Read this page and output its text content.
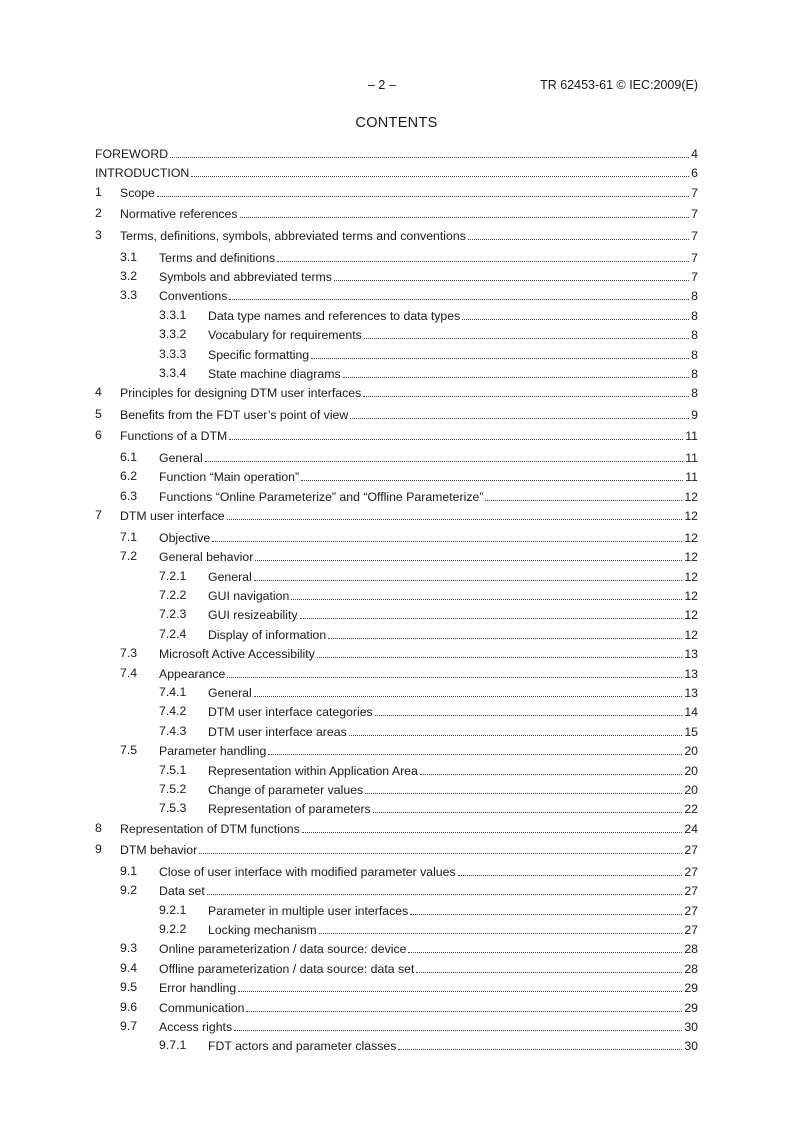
– 2 –	TR 62453-61 © IEC:2009(E)
CONTENTS
FOREWORD	4
INTRODUCTION	6
1 Scope	7
2 Normative references	7
3 Terms, definitions, symbols, abbreviated terms and conventions	7
3.1 Terms and definitions	7
3.2 Symbols and abbreviated terms	7
3.3 Conventions	8
3.3.1 Data type names and references to data types	8
3.3.2 Vocabulary for requirements	8
3.3.3 Specific formatting	8
3.3.4 State machine diagrams	8
4 Principles for designing DTM user interfaces	8
5 Benefits from the FDT user’s point of view	9
6 Functions of a DTM	11
6.1 General	11
6.2 Function “Main operation”	11
6.3 Functions “Online Parameterize” and “Offline Parameterize”	12
7 DTM user interface	12
7.1 Objective	12
7.2 General behavior	12
7.2.1 General	12
7.2.2 GUI navigation	12
7.2.3 GUI resizeability	12
7.2.4 Display of information	12
7.3 Microsoft Active Accessibility	13
7.4 Appearance	13
7.4.1 General	13
7.4.2 DTM user interface categories	14
7.4.3 DTM user interface areas	15
7.5 Parameter handling	20
7.5.1 Representation within Application Area	20
7.5.2 Change of parameter values	20
7.5.3 Representation of parameters	22
8 Representation of DTM functions	24
9 DTM behavior	27
9.1 Close of user interface with modified parameter values	27
9.2 Data set	27
9.2.1 Parameter in multiple user interfaces	27
9.2.2 Locking mechanism	27
9.3 Online parameterization / data source: device	28
9.4 Offline parameterization / data source: data set	28
9.5 Error handling	29
9.6 Communication	29
9.7 Access rights	30
9.7.1 FDT actors and parameter classes	30
